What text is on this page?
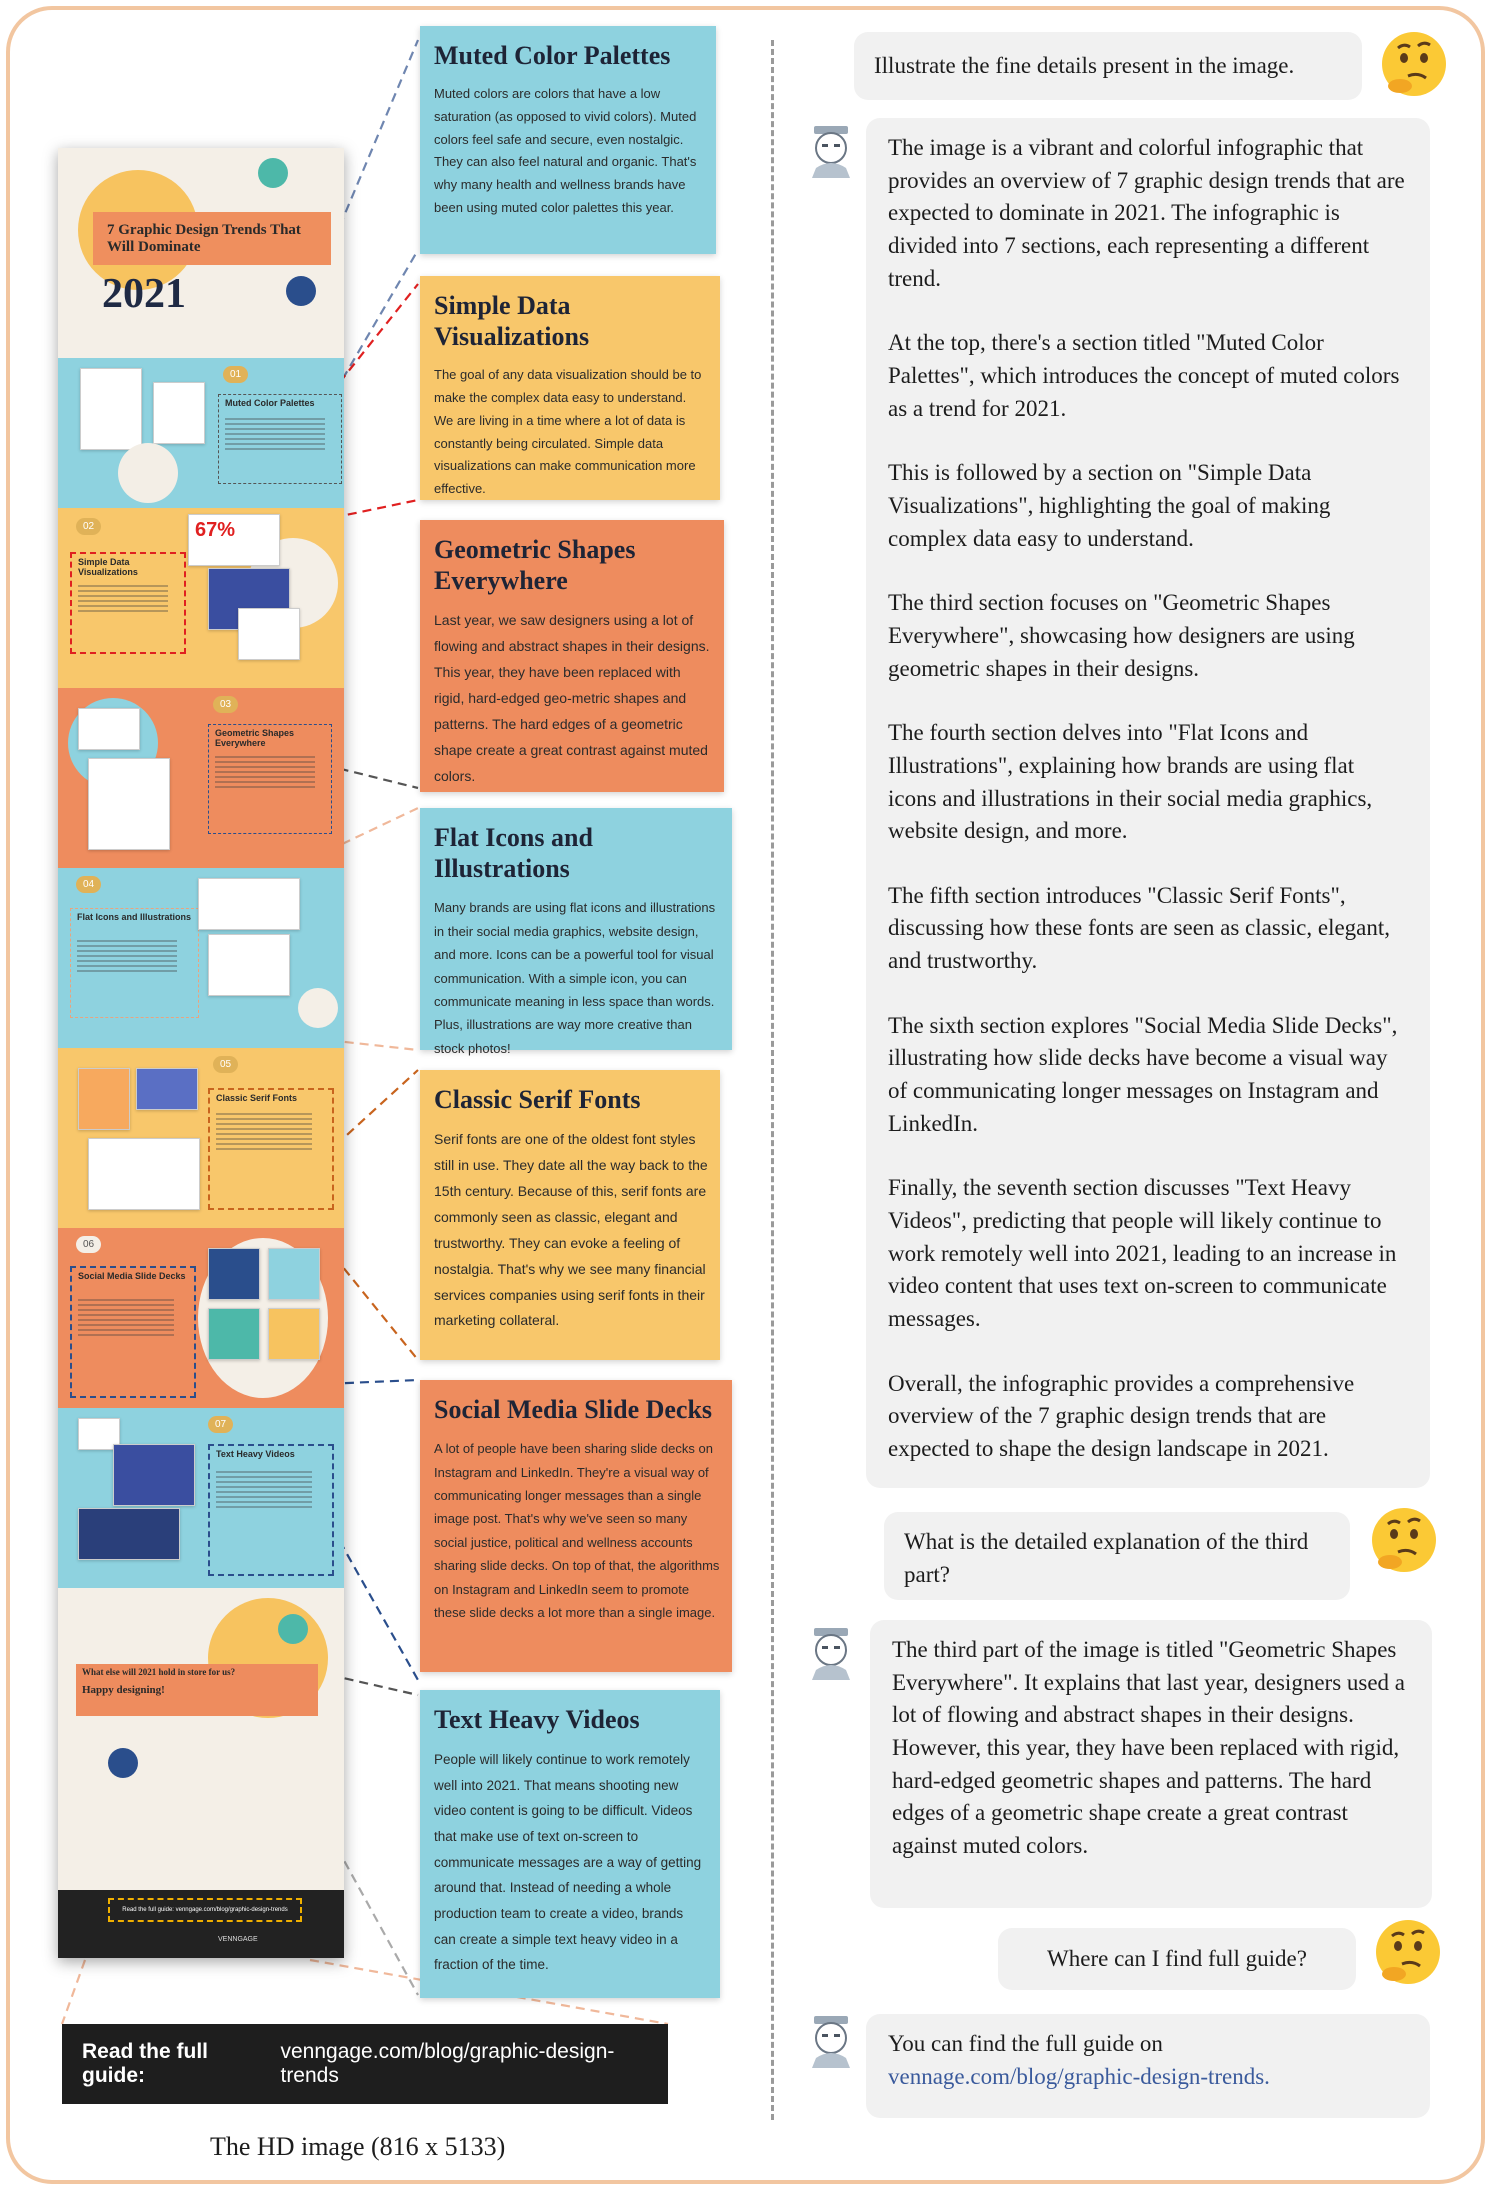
7 Graphic Design Trends That Will Dominate
2021
01
Muted Color Palettes
02
Simple Data Visualizations
67%
03
Geometric Shapes Everywhere
04
Flat Icons and Illustrations
05
Classic Serif Fonts
06
Social Media Slide Decks
07
Text Heavy Videos
What else will 2021 hold in store for us?
Happy designing!
Read the full guide: venngage.com/blog/graphic-design-trends
VENNGAGE
Muted Color Palettes

Muted colors are colors that have a low saturation (as opposed to vivid colors). Muted colors feel safe and secure, even nostalgic. They can also feel natural and organic. That's why many health and wellness brands have been using muted color palettes this year.

Simple Data Visualizations

The goal of any data visualization should be to make the complex data easy to understand. We are living in a time where a lot of data is constantly being circulated. Simple data visualizations can make communication more effective.

Geometric Shapes Everywhere

Last year, we saw designers using a lot of flowing and abstract shapes in their designs. This year, they have been replaced with rigid, hard-edged geo-metric shapes and patterns. The hard edges of a geometric shape create a great contrast against muted colors.

Flat Icons and Illustrations

Many brands are using flat icons and illustrations in their social media graphics, website design, and more. Icons can be a powerful tool for visual communication. With a simple icon, you can communicate meaning in less space than words. Plus, illustrations are way more creative than stock photos!

Classic Serif Fonts

Serif fonts are one of the oldest font styles still in use. They date all the way back to the 15th century. Because of this, serif fonts are commonly seen as classic, elegant and trustworthy. They can evoke a feeling of nostalgia. That's why we see many financial services companies using serif fonts in their marketing collateral.

Social Media Slide Decks

A lot of people have been sharing slide decks on Instagram and LinkedIn. They're a visual way of communicating longer messages than a single image post. That's why we've seen so many social justice, political and wellness accounts sharing slide decks. On top of that, the algorithms on Instagram and LinkedIn seem to promote these slide decks a lot more than a single image.

Text Heavy Videos

People will likely continue to work remotely well into 2021. That means shooting new video content is going to be difficult. Videos that make use of text on-screen to communicate messages are a way of getting around that. Instead of needing a whole production team to create a video, brands can create a simple text heavy video in a fraction of the time.

Read the full guide:
venngage.com/blog/graphic-design-trends
The HD image (816 x 5133)
Illustrate the fine details present in the image.

The image is a vibrant and colorful infographic that provides an overview of 7 graphic design trends that are expected to dominate in 2021. The infographic is divided into 7 sections, each representing a different trend.

At the top, there's a section titled "Muted Color Palettes", which introduces the concept of muted colors as a trend for 2021.

This is followed by a section on "Simple Data Visualizations", highlighting the goal of making complex data easy to understand.

The third section focuses on "Geometric Shapes Everywhere", showcasing how designers are using geometric shapes in their designs.

The fourth section delves into "Flat Icons and Illustrations", explaining how brands are using flat icons and illustrations in their social media graphics, website design, and more.

The fifth section introduces "Classic Serif Fonts", discussing how these fonts are seen as classic, elegant, and trustworthy.

The sixth section explores "Social Media Slide Decks", illustrating how slide decks have become a visual way of communicating longer messages on Instagram and LinkedIn.

Finally, the seventh section discusses "Text Heavy Videos", predicting that people will likely continue to work remotely well into 2021, leading to an increase in video content that uses text on-screen to communicate messages.

Overall, the infographic provides a comprehensive overview of the 7 graphic design trends that are expected to shape the design landscape in 2021.

What is the detailed explanation of the third part?
The third part of the image is titled "Geometric Shapes Everywhere". It explains that last year, designers used a lot of flowing and abstract shapes in their designs. However, this year, they have been replaced with rigid, hard-edged geometric shapes and patterns. The hard edges of a geometric shape create a great contrast against muted colors.
Where can I find full guide?
You can find the full guide on
vennage.com/blog/graphic-design-trends.
